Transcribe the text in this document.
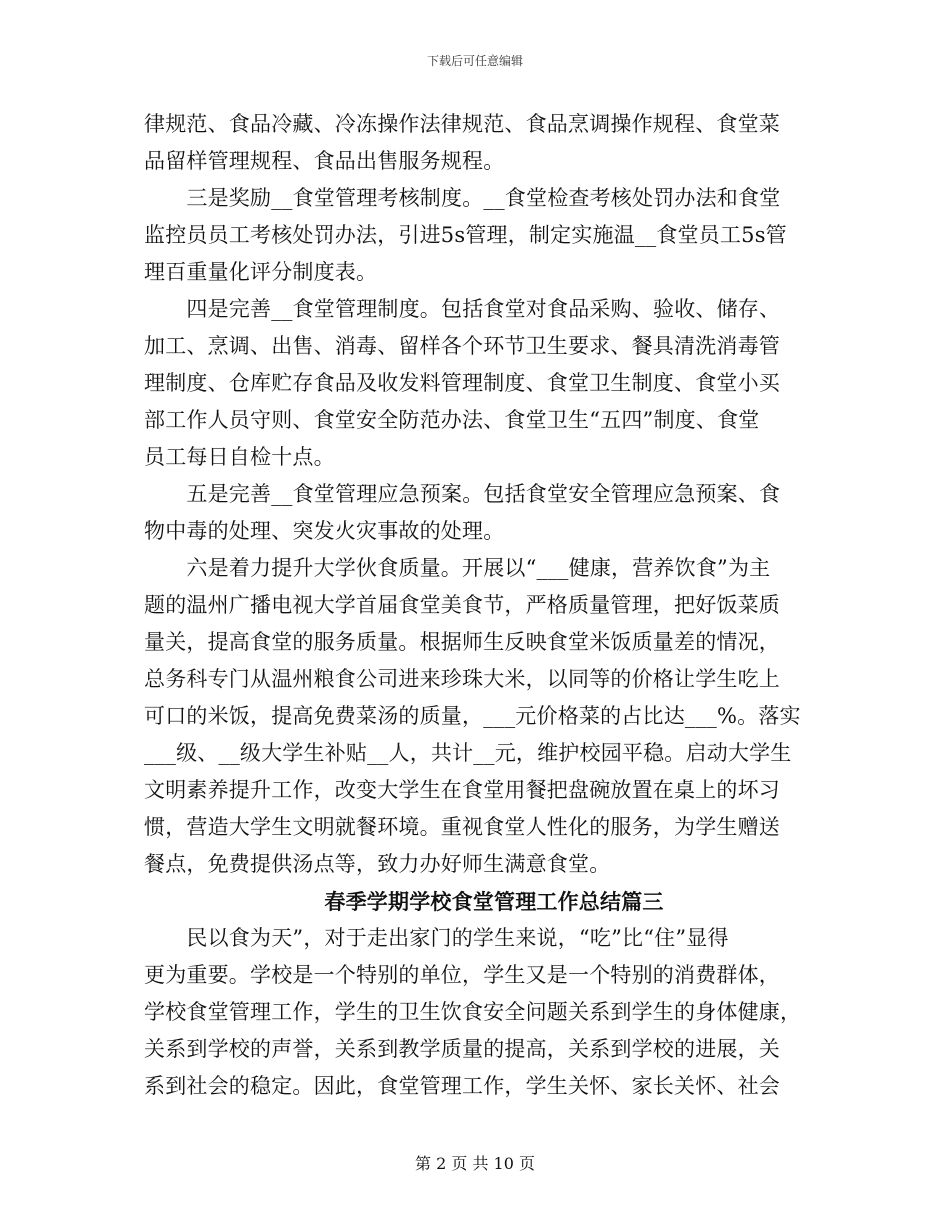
下载后可任意编辑
律规范、食品冷藏、冷冻操作法律规范、食品烹调操作规程、食堂菜
品留样管理规程、食品出售服务规程。
　　三是奖励__食堂管理考核制度。__食堂检查考核处罚办法和食堂
监控员员工考核处罚办法，引进5s管理，制定实施温__食堂员工5s管
理百重量化评分制度表。
　　四是完善__食堂管理制度。包括食堂对食品采购、验收、储存、
加工、烹调、出售、消毒、留样各个环节卫生要求、餐具清洗消毒管
理制度、仓库贮存食品及收发料管理制度、食堂卫生制度、食堂小买
部工作人员守则、食堂安全防范办法、食堂卫生“五四”制度、食堂
员工每日自检十点。
　　五是完善__食堂管理应急预案。包括食堂安全管理应急预案、食
物中毒的处理、突发火灾事故的处理。
　　六是着力提升大学伙食质量。开展以“___健康，营养饮食”为主
题的温州广播电视大学首届食堂美食节，严格质量管理，把好饭菜质
量关，提高食堂的服务质量。根据师生反映食堂米饭质量差的情况，
总务科专门从温州粮食公司进来珍珠大米，以同等的价格让学生吃上
可口的米饭，提高免费菜汤的质量，___元价格菜的占比达___%。落实
___级、__级大学生补贴__人，共计__元，维护校园平稳。启动大学生
文明素养提升工作，改变大学生在食堂用餐把盘碗放置在桌上的坏习
惯，营造大学生文明就餐环境。重视食堂人性化的服务，为学生赠送
餐点，免费提供汤点等，致力办好师生满意食堂。
春季学期学校食堂管理工作总结篇三
　　民以食为天”，对于走出家门的学生来说，“吃”比“住”显得
更为重要。学校是一个特别的单位，学生又是一个特别的消费群体，
学校食堂管理工作，学生的卫生饮食安全问题关系到学生的身体健康，
关系到学校的声誉，关系到教学质量的提高，关系到学校的进展，关
系到社会的稳定。因此，食堂管理工作，学生关怀、家长关怀、社会
第 2 页 共 10 页
